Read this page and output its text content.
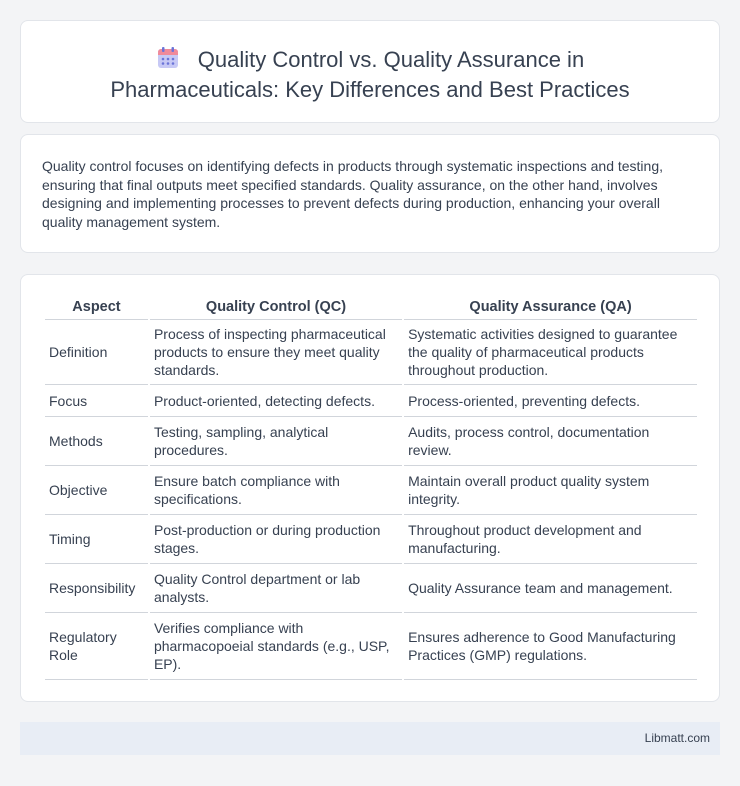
Quality Control vs. Quality Assurance in
Pharmaceuticals: Key Differences and Best Practices

Quality control focuses on identifying defects in products through systematic inspections and testing, ensuring that final outputs meet specified standards. Quality assurance, on the other hand, involves designing and implementing processes to prevent defects during production, enhancing your overall quality management system.

Aspect	Quality Control (QC)	Quality Assurance (QA)
Definition	Process of inspecting pharmaceutical products to ensure they meet quality standards.	Systematic activities designed to guarantee the quality of pharmaceutical products throughout production.
Focus	Product-oriented, detecting defects.	Process-oriented, preventing defects.
Methods	Testing, sampling, analytical procedures.	Audits, process control, documentation review.
Objective	Ensure batch compliance with specifications.	Maintain overall product quality system integrity.
Timing	Post-production or during production stages.	Throughout product development and manufacturing.
Responsibility	Quality Control department or lab analysts.	Quality Assurance team and management.
Regulatory Role	Verifies compliance with pharmacopoeial standards (e.g., USP, EP).	Ensures adherence to Good Manufacturing Practices (GMP) regulations.
Libmatt.com
